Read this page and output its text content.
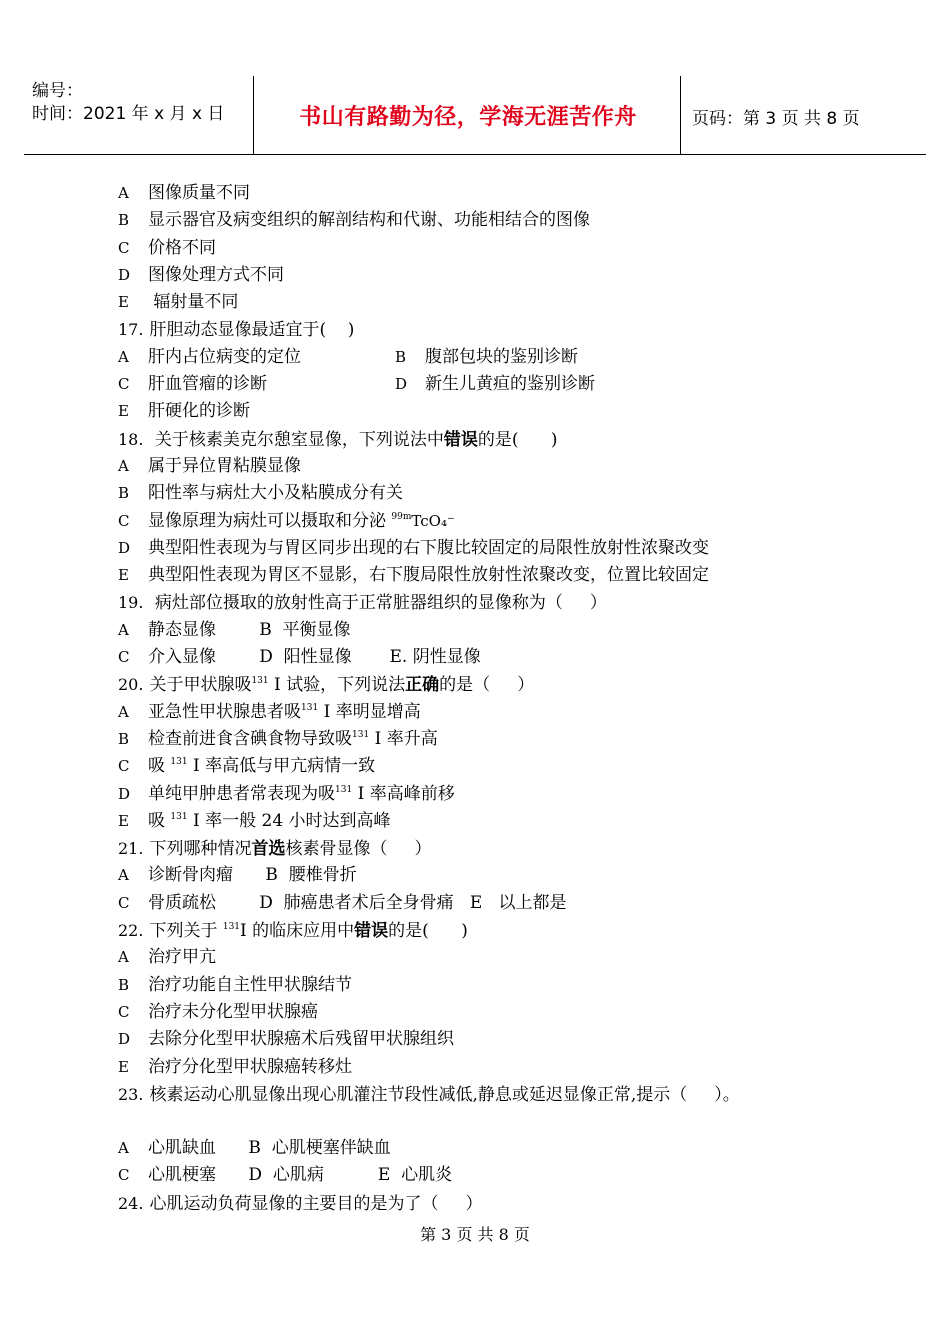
编号：
时间：2021 年 x 月 x 日	书山有路勤为径，学海无涯苦作舟	页码：第 3 页 共 8 页
A 图像质量不同
B 显示器官及病变组织的解剖结构和代谢、功能相结合的图像
C 价格不同
D 图像处理方式不同
E 辐射量不同
17. 肝胆动态显像最适宜于(    )
A 肝内占位病变的定位	B 腹部包块的鉴别诊断
C 肝血管瘤的诊断	D 新生儿黄疸的鉴别诊断
E 肝硬化的诊断
18. 关于核素美克尔憩室显像，下列说法中错误的是(      )
A 属于异位胃粘膜显像
B 阳性率与病灶大小及粘膜成分有关
C 显像原理为病灶可以摄取和分泌 $^{99m}$TcO₄⁻
D 典型阳性表现为与胃区同步出现的右下腹比较固定的局限性放射性浓聚改变
E 典型阳性表现为胃区不显影，右下腹局限性放射性浓聚改变，位置比较固定
19. 病灶部位摄取的放射性高于正常脏器组织的显像称为（     ）
A 静态显像        B  平衡显像
C 介入显像        D  阳性显像       E. 阴性显像
20. 关于甲状腺吸$^{131}$ I 试验，下列说法正确的是（     ）
A 亚急性甲状腺患者吸$^{131}$ I 率明显增高
B 检查前进食含碘食物导致吸$^{131}$ I 率升高
C 吸 $^{131}$ I 率高低与甲亢病情一致
D 单纯甲肿患者常表现为吸$^{131}$ I 率高峰前移
E 吸 $^{131}$ I 率一般 24 小时达到高峰
21. 下列哪种情况首选核素骨显像（     ）
A 诊断骨肉瘤      B  腰椎骨折
C 骨质疏松        D  肺癌患者术后全身骨痛   E   以上都是
22. 下列关于 $^{131}$I 的临床应用中错误的是(      )
A 治疗甲亢
B 治疗功能自主性甲状腺结节
C 治疗未分化型甲状腺癌
D 去除分化型甲状腺癌术后残留甲状腺组织
E 治疗分化型甲状腺癌转移灶
23. 核素运动心肌显像出现心肌灌注节段性减低,静息或延迟显像正常,提示（     ）。
A 心肌缺血      B  心肌梗塞伴缺血
C 心肌梗塞      D  心肌病          E  心肌炎
24. 心肌运动负荷显像的主要目的是为了（     ）
第 3 页 共 8 页
